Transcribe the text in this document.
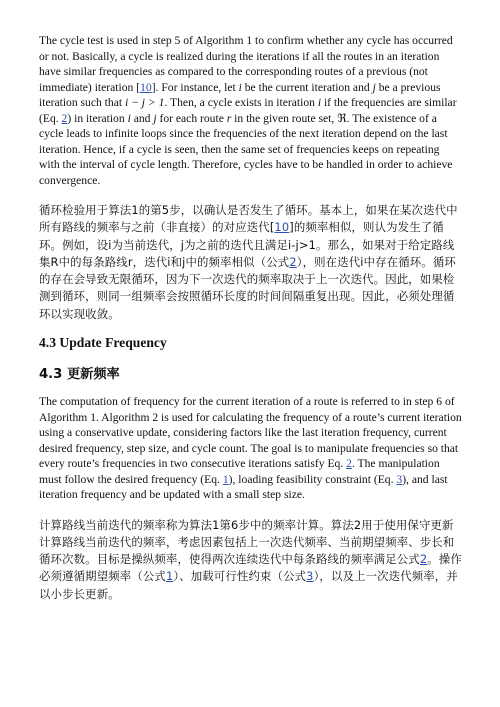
The cycle test is used in step 5 of Algorithm 1 to confirm whether any cycle has occurred or not. Basically, a cycle is realized during the iterations if all the routes in an iteration have similar frequencies as compared to the corresponding routes of a previous (not immediate) iteration [10]. For instance, let i be the current iteration and j be a previous iteration such that i − j > 1. Then, a cycle exists in iteration i if the frequencies are similar (Eq. 2) in iteration i and j for each route r in the given route set, ℜ. The existence of a cycle leads to infinite loops since the frequencies of the next iteration depend on the last iteration. Hence, if a cycle is seen, then the same set of frequencies keeps on repeating with the interval of cycle length. Therefore, cycles have to be handled in order to achieve convergence.

循环检验用于算法1的第5步，以确认是否发生了循环。基本上，如果在某次迭代中所有路线的频率与之前（非直接）的对应迭代[10]的频率相似，则认为发生了循环。例如，设i为当前迭代，j为之前的迭代且满足i-j>1。那么，如果对于给定路线集R中的每条路线r，迭代i和j中的频率相似（公式2），则在迭代i中存在循环。循环的存在会导致无限循环，因为下一次迭代的频率取决于上一次迭代。因此，如果检测到循环，则同一组频率会按照循环长度的时间间隔重复出现。因此，必须处理循环以实现收敛。

4.3 Update Frequency
4.3 更新频率

The computation of frequency for the current iteration of a route is referred to in step 6 of Algorithm 1. Algorithm 2 is used for calculating the frequency of a route’s current iteration using a conservative update, considering factors like the last iteration frequency, current desired frequency, step size, and cycle count. The goal is to manipulate frequencies so that every route’s frequencies in two consecutive iterations satisfy Eq. 2. The manipulation must follow the desired frequency (Eq. 1), loading feasibility constraint (Eq. 3), and last iteration frequency and be updated with a small step size.

计算路线当前迭代的频率称为算法1第6步中的频率计算。算法2用于使用保守更新计算路线当前迭代的频率，考虑因素包括上一次迭代频率、当前期望频率、步长和循环次数。目标是操纵频率，使得两次连续迭代中每条路线的频率满足公式2。操作必须遵循期望频率（公式1）、加载可行性约束（公式3），以及上一次迭代频率，并以小步长更新。
